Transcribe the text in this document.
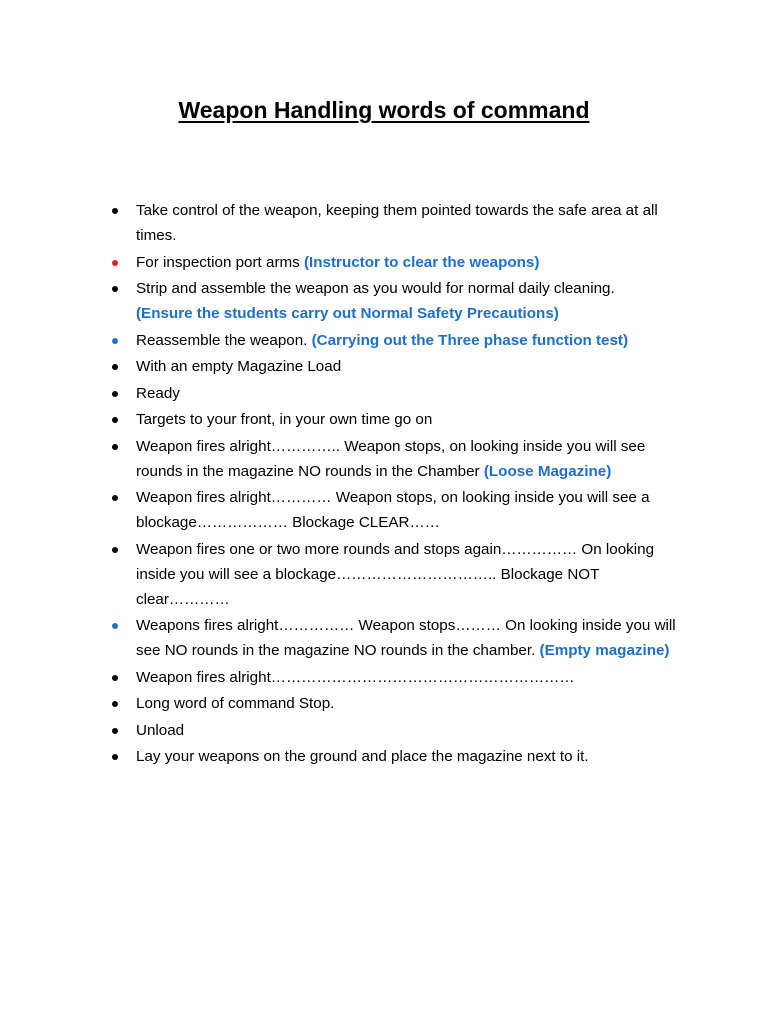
Weapon Handling words of command
Take control of the weapon, keeping them pointed towards the safe area at all times.
For inspection port arms (Instructor to clear the weapons)
Strip and assemble the weapon as you would for normal daily cleaning.
(Ensure the students carry out Normal Safety Precautions)
Reassemble the weapon. (Carrying out the Three phase function test)
With an empty Magazine Load
Ready
Targets to your front, in your own time go on
Weapon fires alright………….. Weapon stops, on looking inside you will see rounds in the magazine NO rounds in the Chamber (Loose Magazine)
Weapon fires alright………… Weapon stops, on looking inside you will see a blockage……………… Blockage CLEAR……
Weapon fires one or two more rounds and stops again…………… On looking inside you will see a blockage………………………….. Blockage NOT clear…………
Weapons fires alright…………… Weapon stops……… On looking inside you will see NO rounds in the magazine NO rounds in the chamber. (Empty magazine)
Weapon fires alright……………………………………………………
Long word of command Stop.
Unload
Lay your weapons on the ground and place the magazine next to it.
